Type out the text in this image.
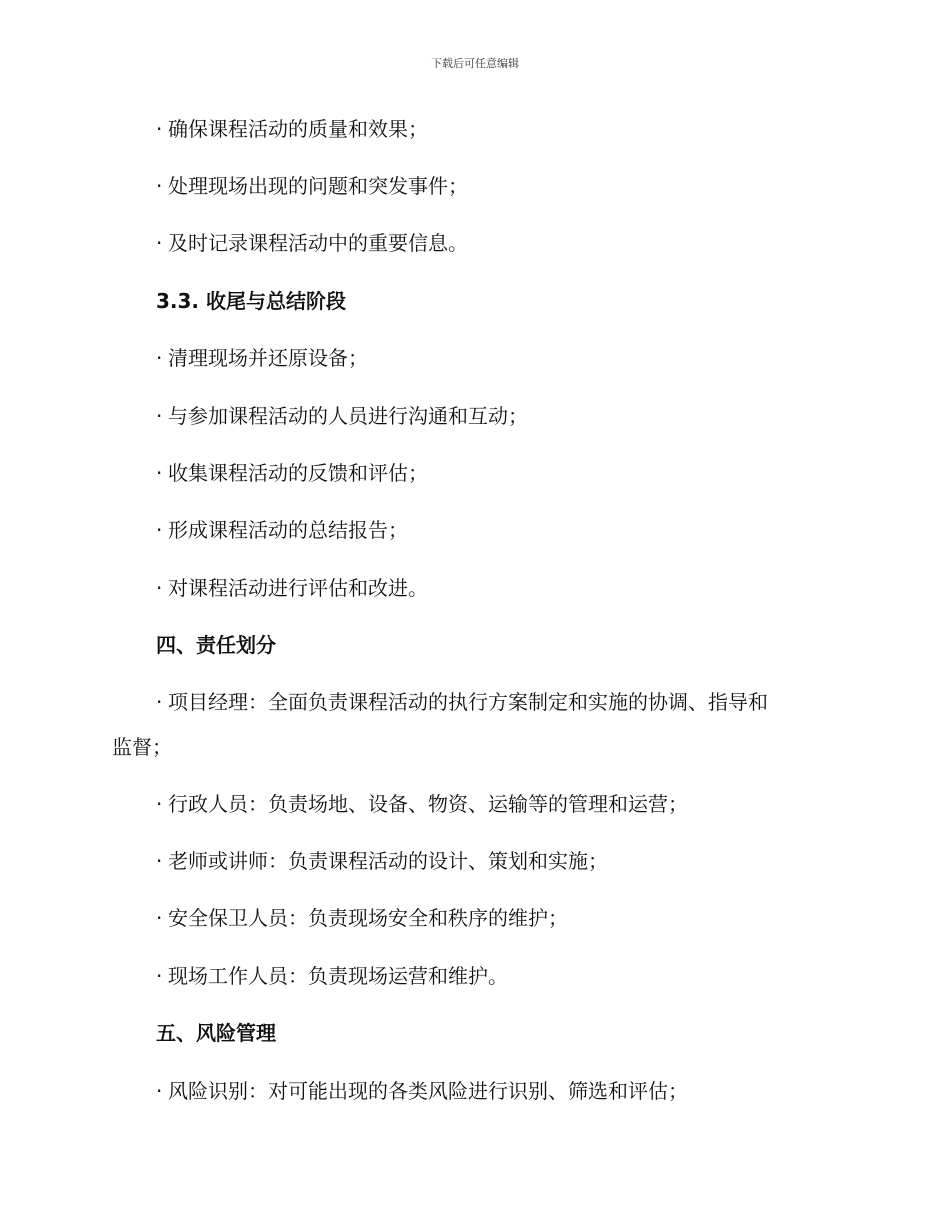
下载后可任意编辑
· 确保课程活动的质量和效果；
· 处理现场出现的问题和突发事件；
· 及时记录课程活动中的重要信息。
3.3. 收尾与总结阶段
· 清理现场并还原设备；
· 与参加课程活动的人员进行沟通和互动；
· 收集课程活动的反馈和评估；
· 形成课程活动的总结报告；
· 对课程活动进行评估和改进。
四、责任划分
· 项目经理：全面负责课程活动的执行方案制定和实施的协调、指导和
监督；
· 行政人员：负责场地、设备、物资、运输等的管理和运营；
· 老师或讲师：负责课程活动的设计、策划和实施；
· 安全保卫人员：负责现场安全和秩序的维护；
· 现场工作人员：负责现场运营和维护。
五、风险管理
· 风险识别：对可能出现的各类风险进行识别、筛选和评估；
